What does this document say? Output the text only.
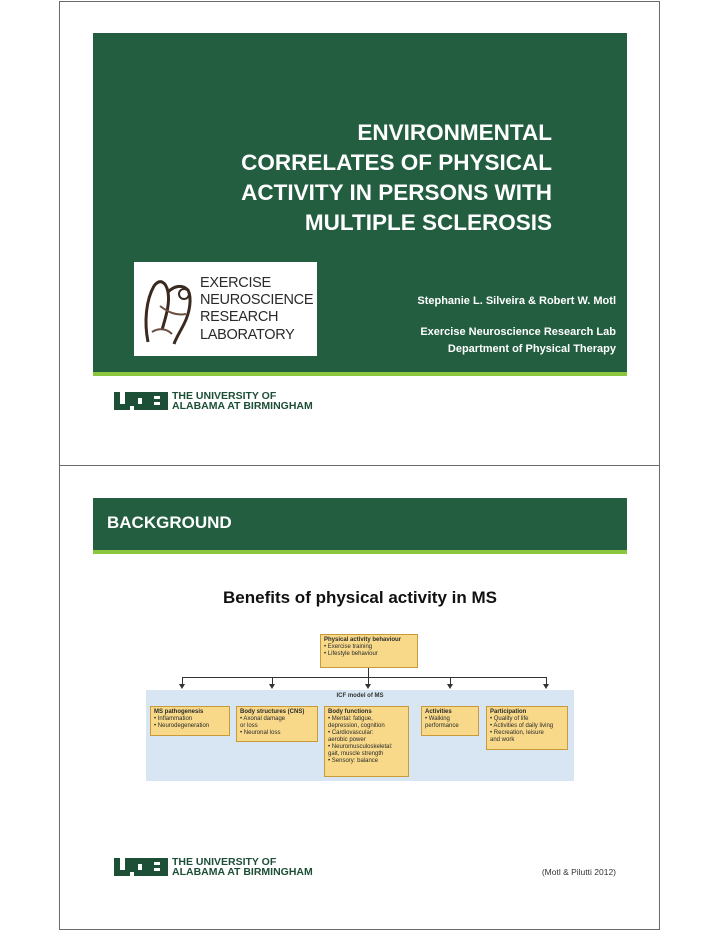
ENVIRONMENTAL
CORRELATES OF PHYSICAL
ACTIVITY IN PERSONS WITH
MULTIPLE SCLEROSIS
EXERCISE
NEUROSCIENCE
RESEARCH
LABORATORY
Stephanie L. Silveira & Robert W. Motl
Exercise Neuroscience Research Lab
Department of Physical Therapy
THE UNIVERSITY OF
ALABAMA AT BIRMINGHAM
BACKGROUND
Benefits of physical activity in MS
Physical activity behaviour
• Exercise training
• Lifestyle behaviour
ICF model of MS
MS pathogenesis
• Inflammation
• Neurodegeneration
Body structures (CNS)
• Axonal damage
or loss
• Neuronal loss
Body functions
• Mental: fatigue,
depression, cognition
• Cardiovascular:
aerobic power
• Neuromusculoskeletal:
gait, muscle strength
• Sensory: balance
Activities
• Walking
performance
Participation
• Quality of life
• Activities of daily living
• Recreation, leisure
and work
THE UNIVERSITY OF
ALABAMA AT BIRMINGHAM	(Motl & Pilutti 2012)
